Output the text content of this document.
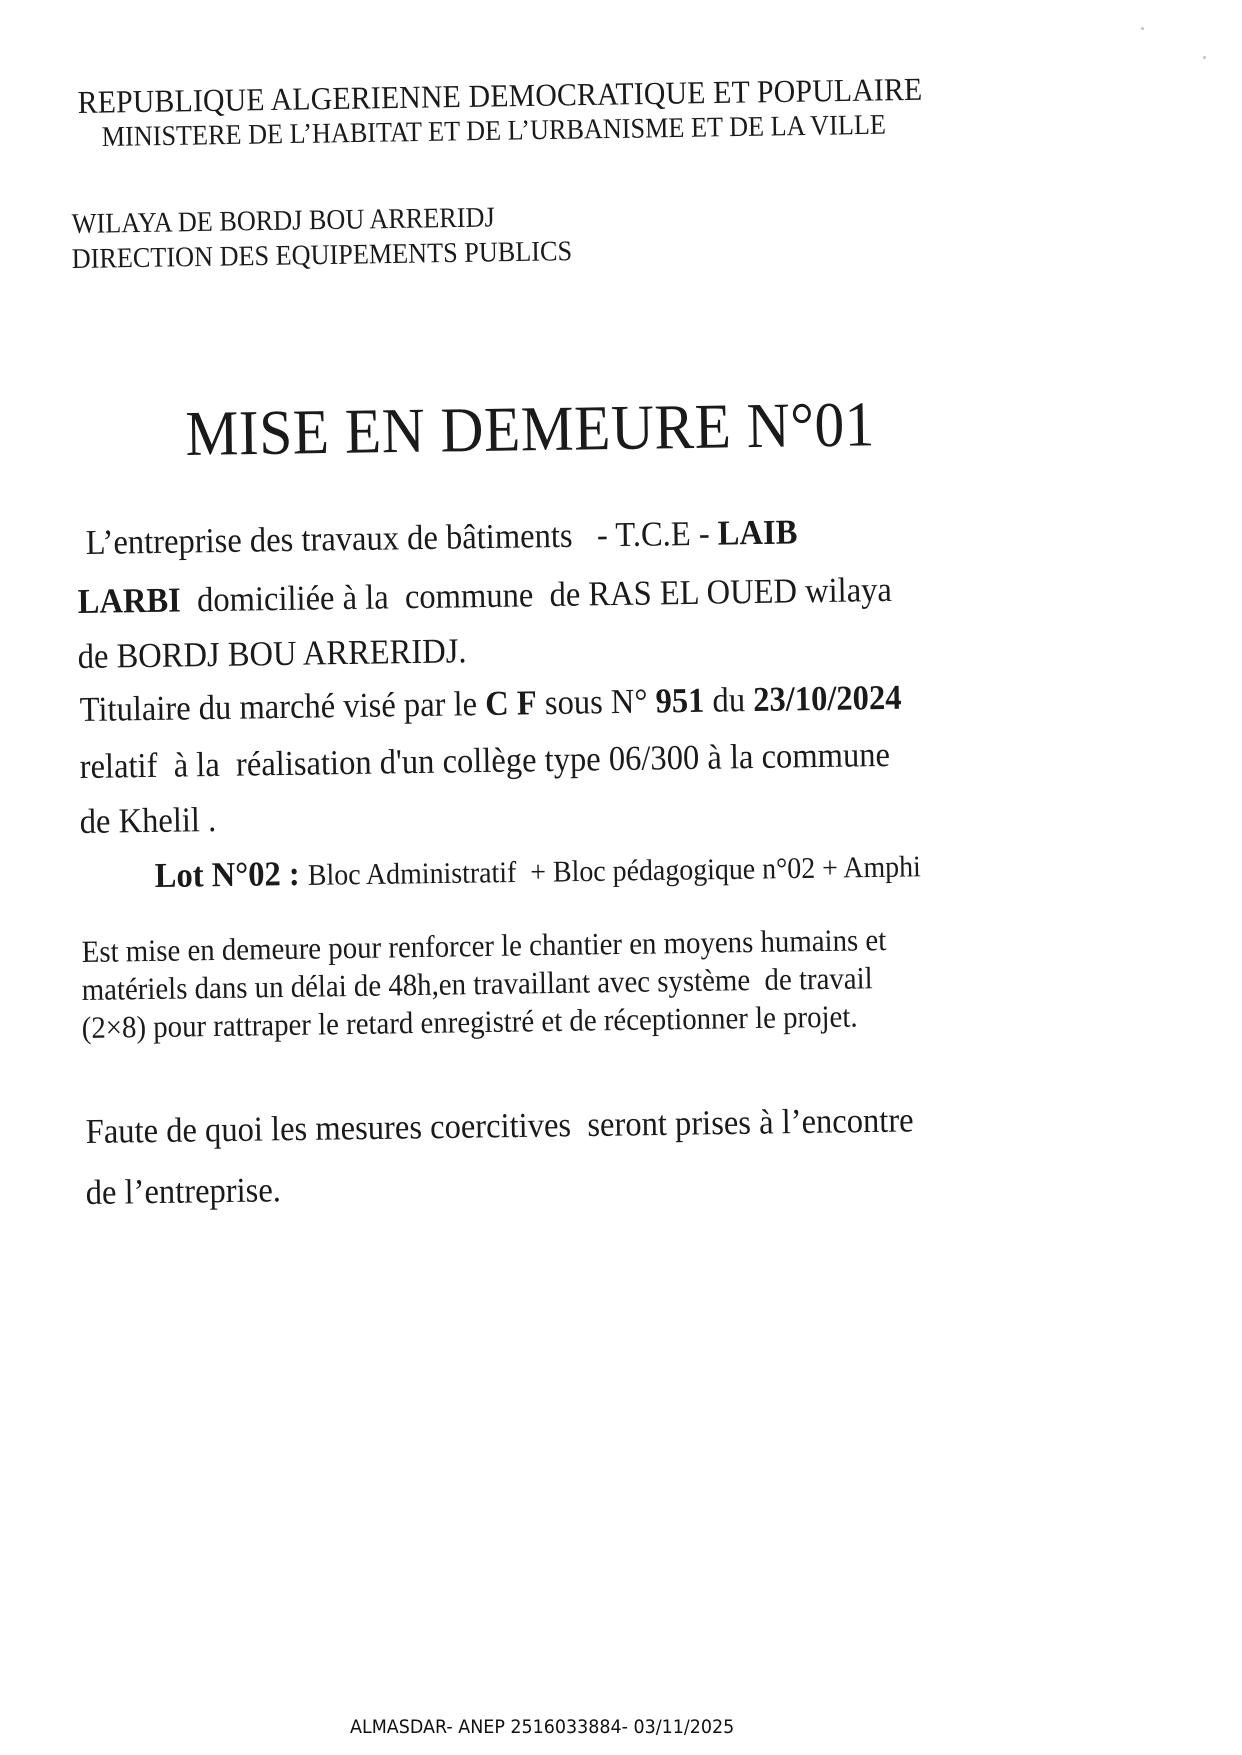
REPUBLIQUE ALGERIENNE DEMOCRATIQUE ET POPULAIRE
MINISTERE DE L’HABITAT ET DE L’URBANISME ET DE LA VILLE
WILAYA DE BORDJ BOU ARRERIDJ
DIRECTION DES EQUIPEMENTS PUBLICS
MISE EN DEMEURE N°01
L’entreprise des travaux de bâtiments   - T.C.E - LAIB
LARBI  domiciliée à la  commune  de RAS EL OUED wilaya
de BORDJ BOU ARRERIDJ.
Titulaire du marché visé par le C F sous N° 951 du 23/10/2024
relatif  à la  réalisation d'un collège type 06/300 à la commune
de Khelil .
Lot N°02 : Bloc Administratif  + Bloc pédagogique n°02 + Amphi
Est mise en demeure pour renforcer le chantier en moyens humains et
matériels dans un délai de 48h,en travaillant avec système  de travail
(2×8) pour rattraper le retard enregistré et de réceptionner le projet.
Faute de quoi les mesures coercitives  seront prises à l’encontre
de l’entreprise.
ALMASDAR- ANEP 2516033884- 03/11/2025
